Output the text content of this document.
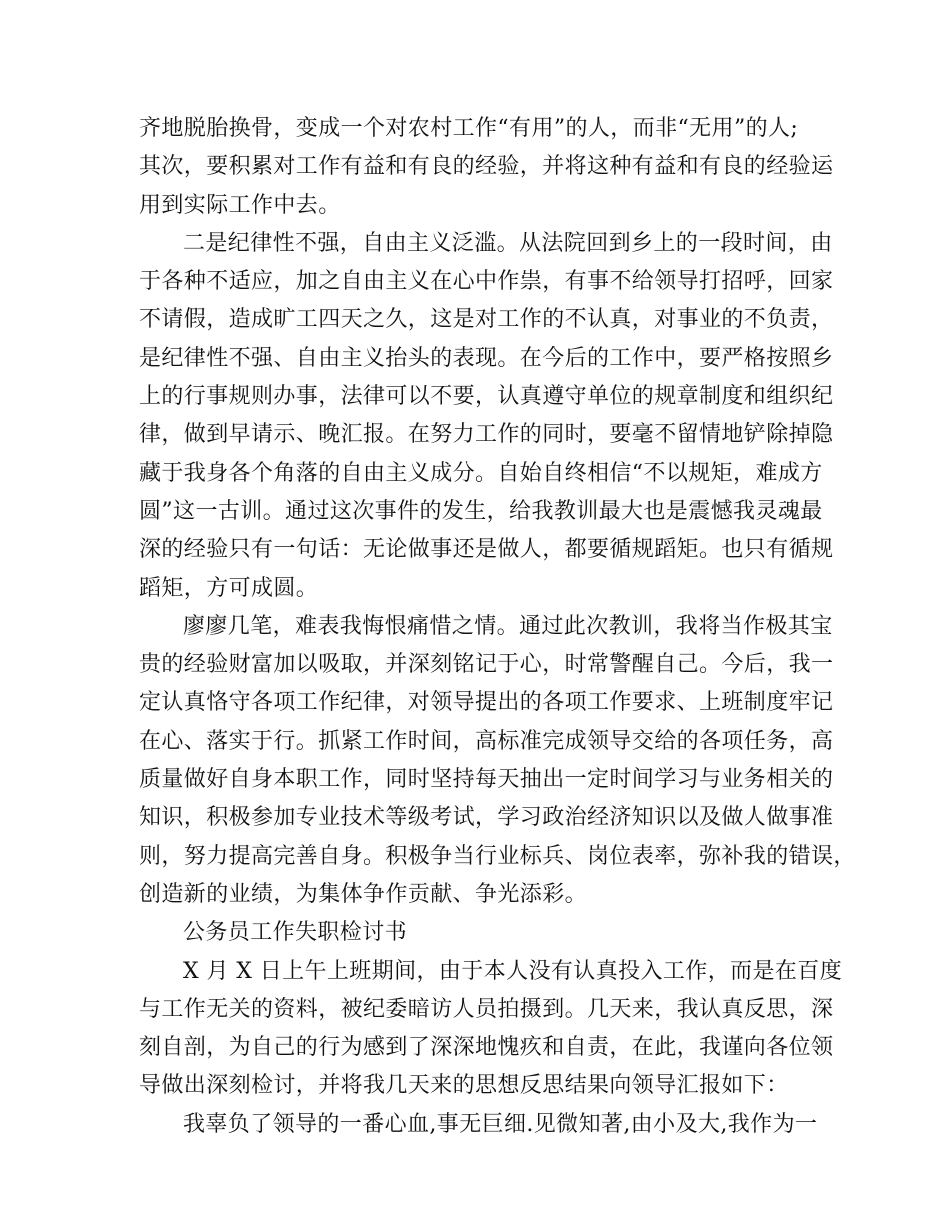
齐地脱胎换骨，变成一个对农村工作“有用”的人，而非“无用”的人;

其次，要积累对工作有益和有良的经验，并将这种有益和有良的经验运

用到实际工作中去。

二是纪律性不强，自由主义泛滥。从法院回到乡上的一段时间，由

于各种不适应，加之自由主义在心中作祟，有事不给领导打招呼，回家

不请假，造成旷工四天之久，这是对工作的不认真，对事业的不负责，

是纪律性不强、自由主义抬头的表现。在今后的工作中，要严格按照乡

上的行事规则办事，法律可以不要，认真遵守单位的规章制度和组织纪

律，做到早请示、晚汇报。在努力工作的同时，要毫不留情地铲除掉隐

藏于我身各个角落的自由主义成分。自始自终相信“不以规矩，难成方

圆”这一古训。通过这次事件的发生，给我教训最大也是震憾我灵魂最

深的经验只有一句话：无论做事还是做人，都要循规蹈矩。也只有循规

蹈矩，方可成圆。

廖廖几笔，难表我悔恨痛惜之情。通过此次教训，我将当作极其宝

贵的经验财富加以吸取，并深刻铭记于心，时常警醒自己。今后，我一

定认真恪守各项工作纪律，对领导提出的各项工作要求、上班制度牢记

在心、落实于行。抓紧工作时间，高标准完成领导交给的各项任务，高

质量做好自身本职工作，同时坚持每天抽出一定时间学习与业务相关的

知识，积极参加专业技术等级考试，学习政治经济知识以及做人做事准

则，努力提高完善自身。积极争当行业标兵、岗位表率，弥补我的错误，

创造新的业绩，为集体争作贡献、争光添彩。

公务员工作失职检讨书

X 月 X 日上午上班期间，由于本人没有认真投入工作，而是在百度

与工作无关的资料，被纪委暗访人员拍摄到。几天来，我认真反思，深

刻自剖，为自己的行为感到了深深地愧疚和自责，在此，我谨向各位领

导做出深刻检讨，并将我几天来的思想反思结果向领导汇报如下：

我辜负了领导的一番心血,事无巨细.见微知著,由小及大,我作为一
